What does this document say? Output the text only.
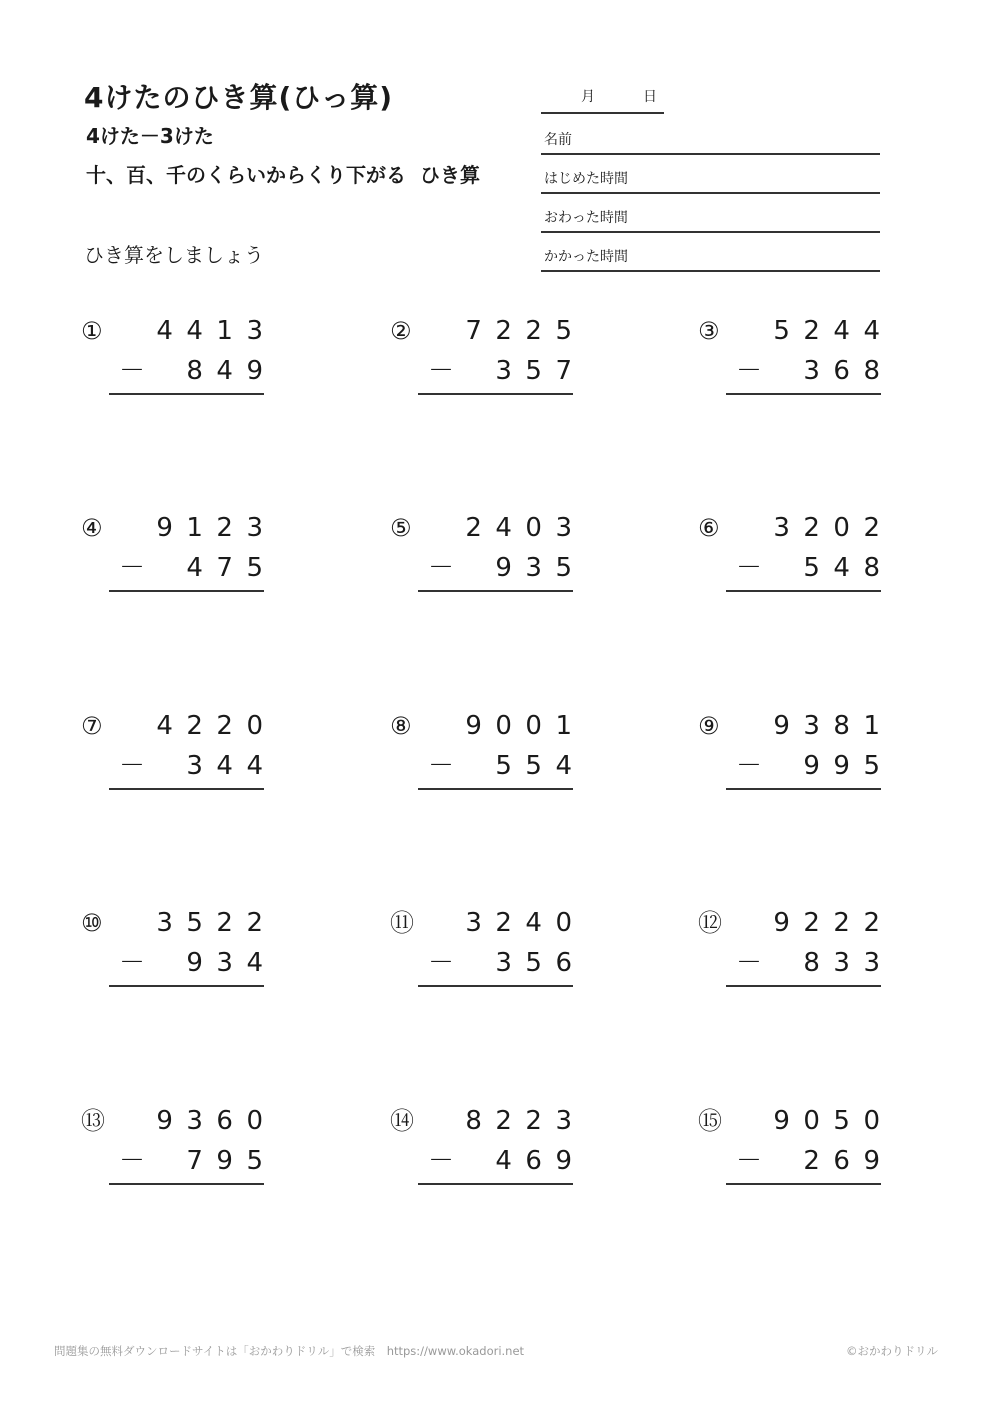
4けたのひき算(ひっ算)
4けた－3けた
十、百、千のくらいからくり下がる ひき算
ひき算をしましょう
月	日
名前
はじめた時間
おわった時間
かかった時間
① 4413
－ 849
② 7225
－ 357
③ 5244
－ 368
④ 9123
－ 475
⑤ 2403
－ 935
⑥ 3202
－ 548
⑦ 4220
－ 344
⑧ 9001
－ 554
⑨ 9381
－ 995
⑩ 3522
－ 934
⑪ 3240
－ 356
⑫ 9222
－ 833
⑬ 9360
－ 795
⑭ 8223
－ 469
⑮ 9050
－ 269
問題集の無料ダウンロードサイトは「おかわりドリル」で検索　https://www.okadori.net	©おかわりドリル
